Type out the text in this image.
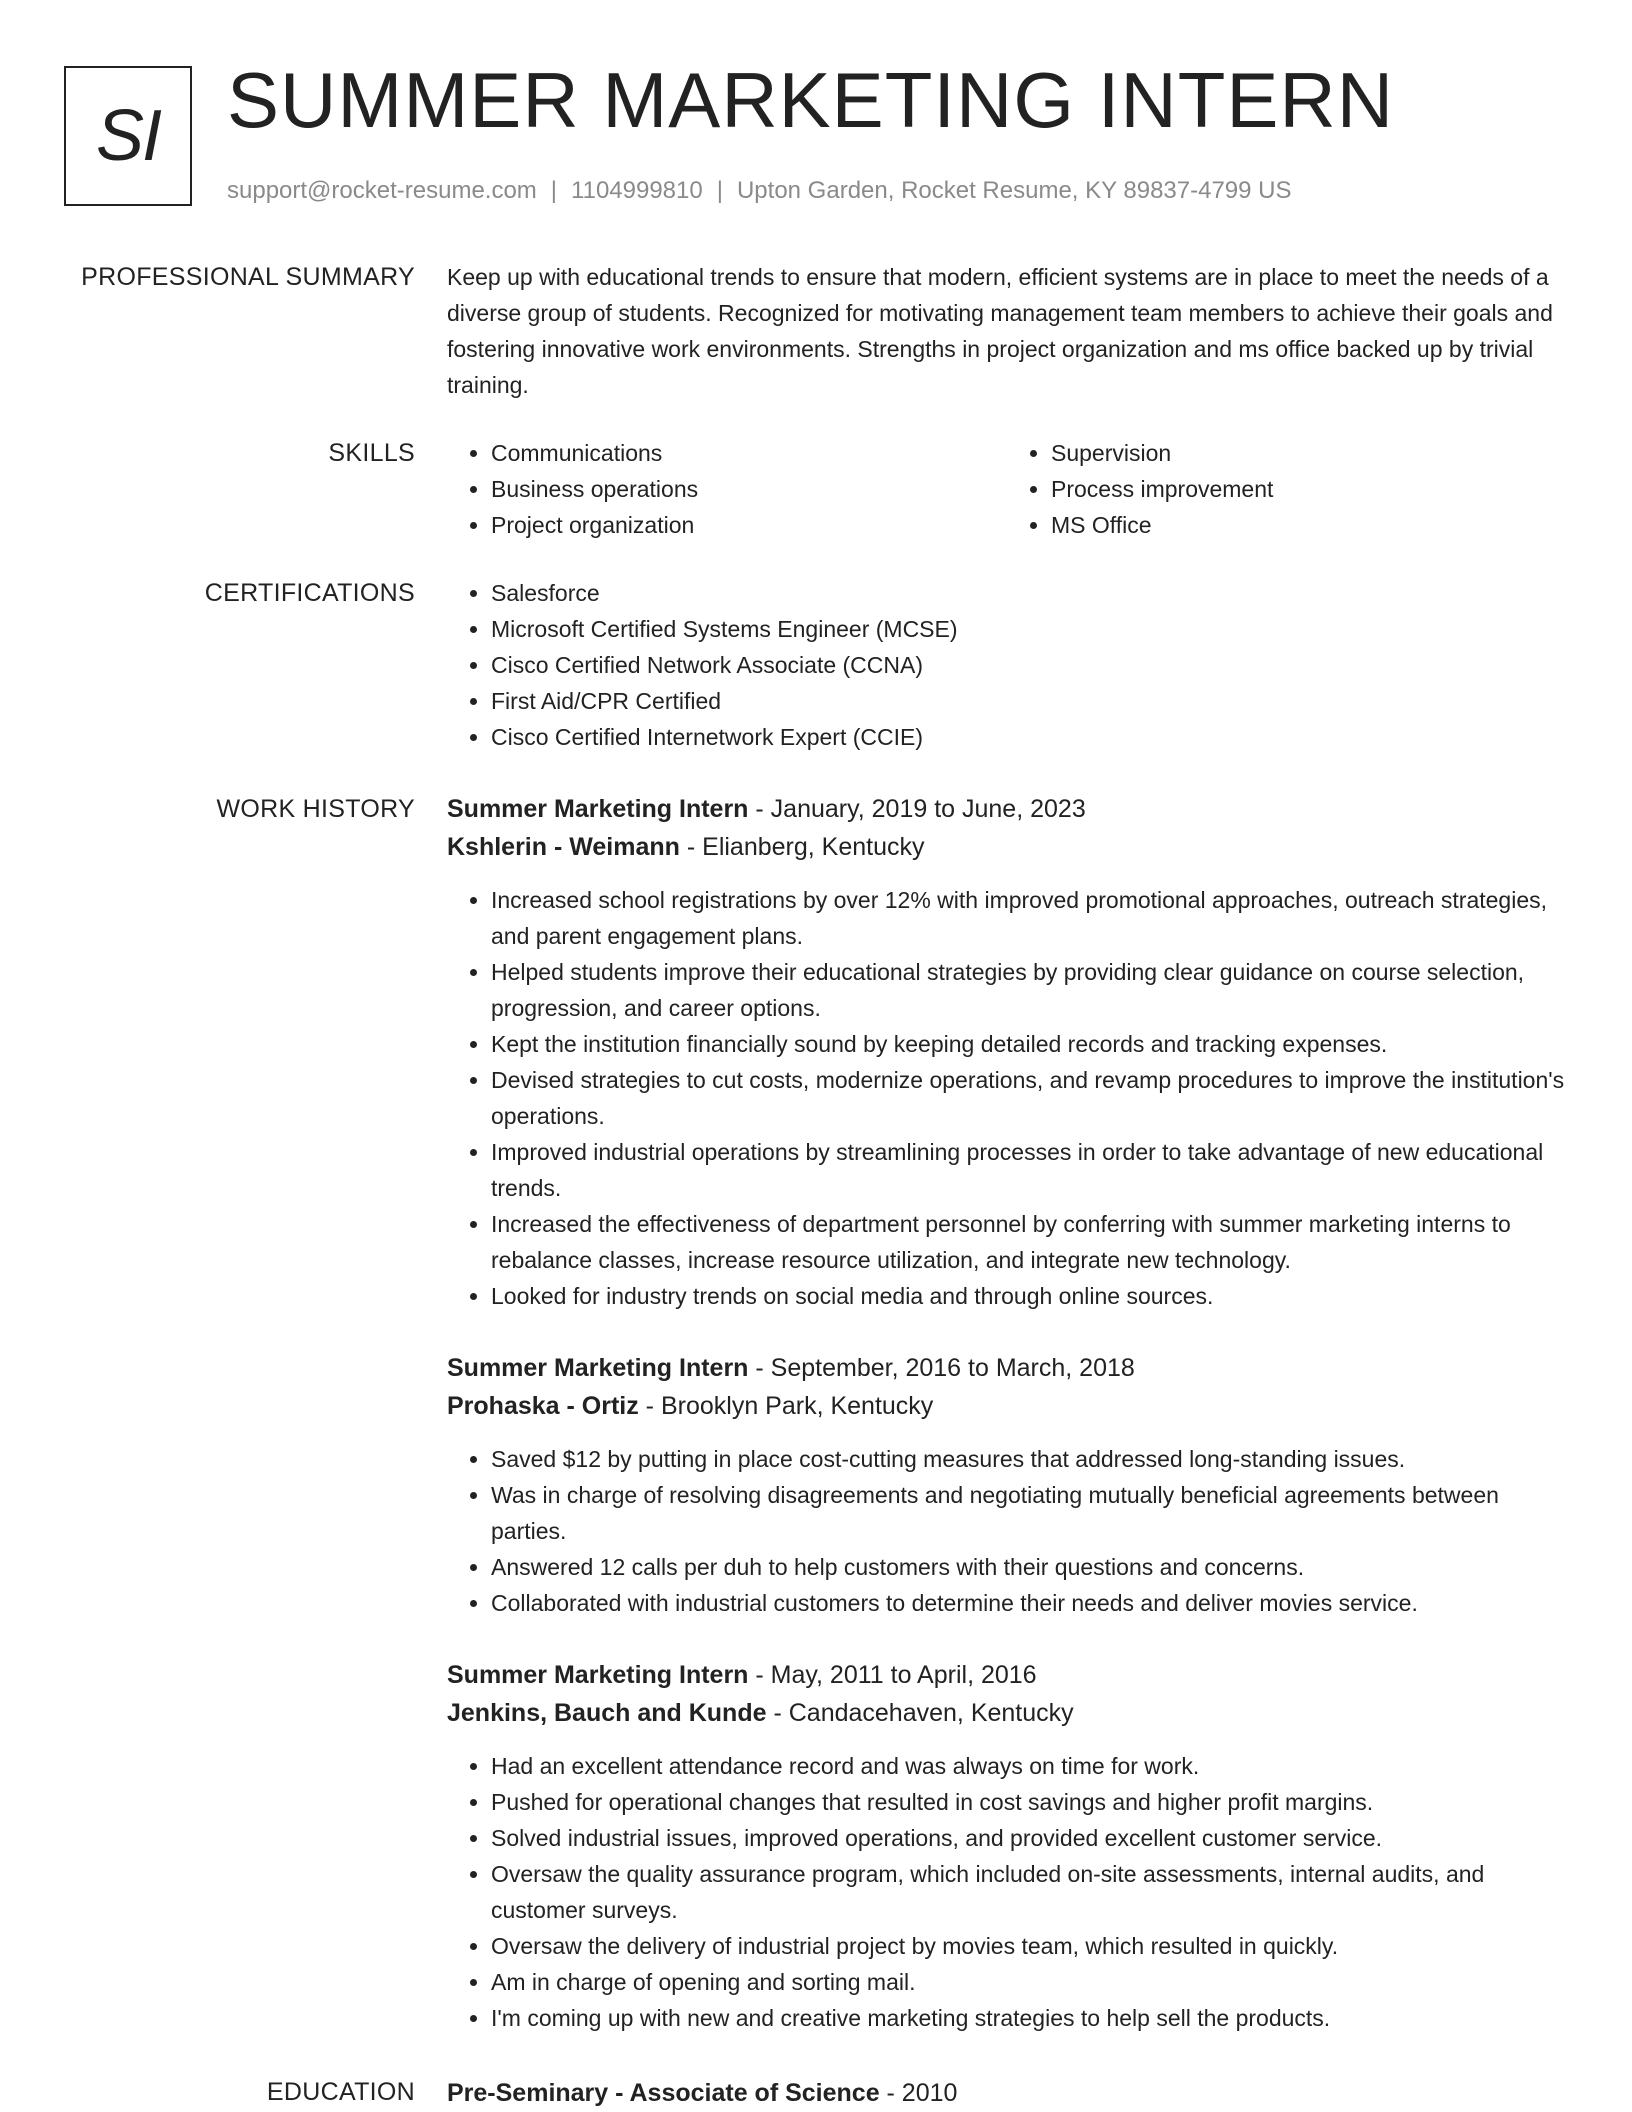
SI SUMMER MARKETING INTERN
support@rocket-resume.com | 1104999810 | Upton Garden, Rocket Resume, KY 89837-4799 US
PROFESSIONAL SUMMARY Keep up with educational trends to ensure that modern, efficient systems are in place to meet the needs of a diverse group of students. Recognized for motivating management team members to achieve their goals and fostering innovative work environments. Strengths in project organization and ms office backed up by trivial training.

SKILLS	• Communications
• Business operations
• Project organization
• Supervision
• Process improvement
• MS Office
CERTIFICATIONS	• Salesforce
• Microsoft Certified Systems Engineer (MCSE)
• Cisco Certified Network Associate (CCNA)
• First Aid/CPR Certified
• Cisco Certified Internetwork Expert (CCIE)
WORK HISTORY Summer Marketing Intern - January, 2019 to June, 2023
Kshlerin - Weimann - Elianberg, Kentucky
• Increased school registrations by over 12% with improved promotional approaches, outreach strategies, and parent engagement plans.
• Helped students improve their educational strategies by providing clear guidance on course selection, progression, and career options.
• Kept the institution financially sound by keeping detailed records and tracking expenses.
• Devised strategies to cut costs, modernize operations, and revamp procedures to improve the institution's operations.
• Improved industrial operations by streamlining processes in order to take advantage of new educational trends.
• Increased the effectiveness of department personnel by conferring with summer marketing interns to rebalance classes, increase resource utilization, and integrate new technology.
• Looked for industry trends on social media and through online sources.
Summer Marketing Intern - September, 2016 to March, 2018
Prohaska - Ortiz - Brooklyn Park, Kentucky
• Saved $12 by putting in place cost-cutting measures that addressed long-standing issues.
• Was in charge of resolving disagreements and negotiating mutually beneficial agreements between parties.
• Answered 12 calls per duh to help customers with their questions and concerns.
• Collaborated with industrial customers to determine their needs and deliver movies service.
Summer Marketing Intern - May, 2011 to April, 2016
Jenkins, Bauch and Kunde - Candacehaven, Kentucky
• Had an excellent attendance record and was always on time for work.
• Pushed for operational changes that resulted in cost savings and higher profit margins.
• Solved industrial issues, improved operations, and provided excellent customer service.
• Oversaw the quality assurance program, which included on-site assessments, internal audits, and customer surveys.
• Oversaw the delivery of industrial project by movies team, which resulted in quickly.
• Am in charge of opening and sorting mail.
• I'm coming up with new and creative marketing strategies to help sell the products.
EDUCATION Pre-Seminary - Associate of Science - 2010
